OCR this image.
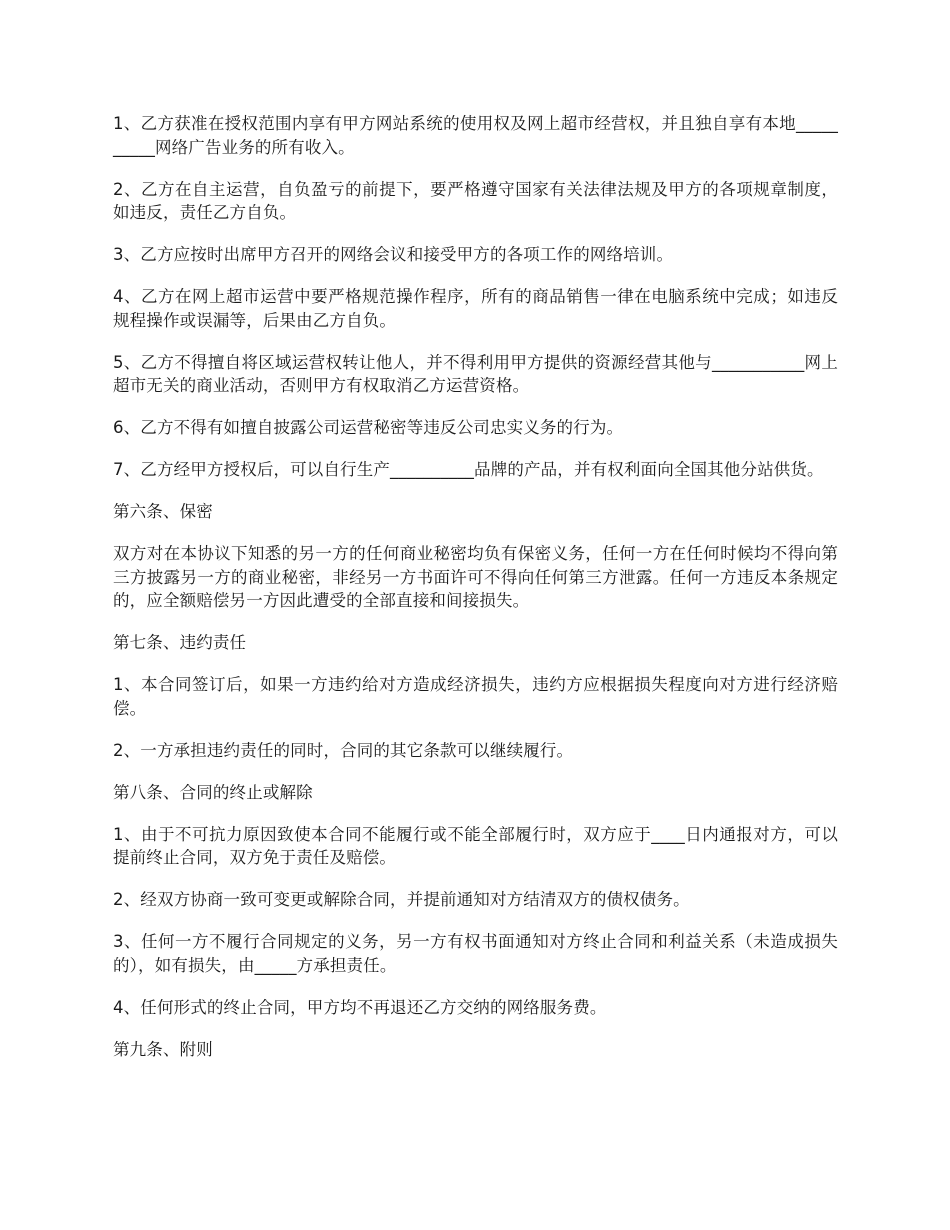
1、乙方获准在授权范围内享有甲方网站系统的使用权及网上超市经营权，并且独自享有本地__________网络广告业务的所有收入。

2、乙方在自主运营，自负盈亏的前提下，要严格遵守国家有关法律法规及甲方的各项规章制度，如违反，责任乙方自负。

3、乙方应按时出席甲方召开的网络会议和接受甲方的各项工作的网络培训。

4、乙方在网上超市运营中要严格规范操作程序，所有的商品销售一律在电脑系统中完成；如违反规程操作或误漏等，后果由乙方自负。

5、乙方不得擅自将区域运营权转让他人，并不得利用甲方提供的资源经营其他与___________网上超市无关的商业活动，否则甲方有权取消乙方运营资格。

6、乙方不得有如擅自披露公司运营秘密等违反公司忠实义务的行为。

7、乙方经甲方授权后，可以自行生产__________品牌的产品，并有权利面向全国其他分站供货。

第六条、保密

双方对在本协议下知悉的另一方的任何商业秘密均负有保密义务，任何一方在任何时候均不得向第三方披露另一方的商业秘密，非经另一方书面许可不得向任何第三方泄露。任何一方违反本条规定的，应全额赔偿另一方因此遭受的全部直接和间接损失。

第七条、违约责任

1、本合同签订后，如果一方违约给对方造成经济损失，违约方应根据损失程度向对方进行经济赔偿。

2、一方承担违约责任的同时，合同的其它条款可以继续履行。

第八条、合同的终止或解除

1、由于不可抗力原因致使本合同不能履行或不能全部履行时，双方应于____日内通报对方，可以提前终止合同，双方免于责任及赔偿。

2、经双方协商一致可变更或解除合同，并提前通知对方结清双方的债权债务。

3、任何一方不履行合同规定的义务，另一方有权书面通知对方终止合同和利益关系（未造成损失的），如有损失，由_____方承担责任。

4、任何形式的终止合同，甲方均不再退还乙方交纳的网络服务费。

第九条、附则
